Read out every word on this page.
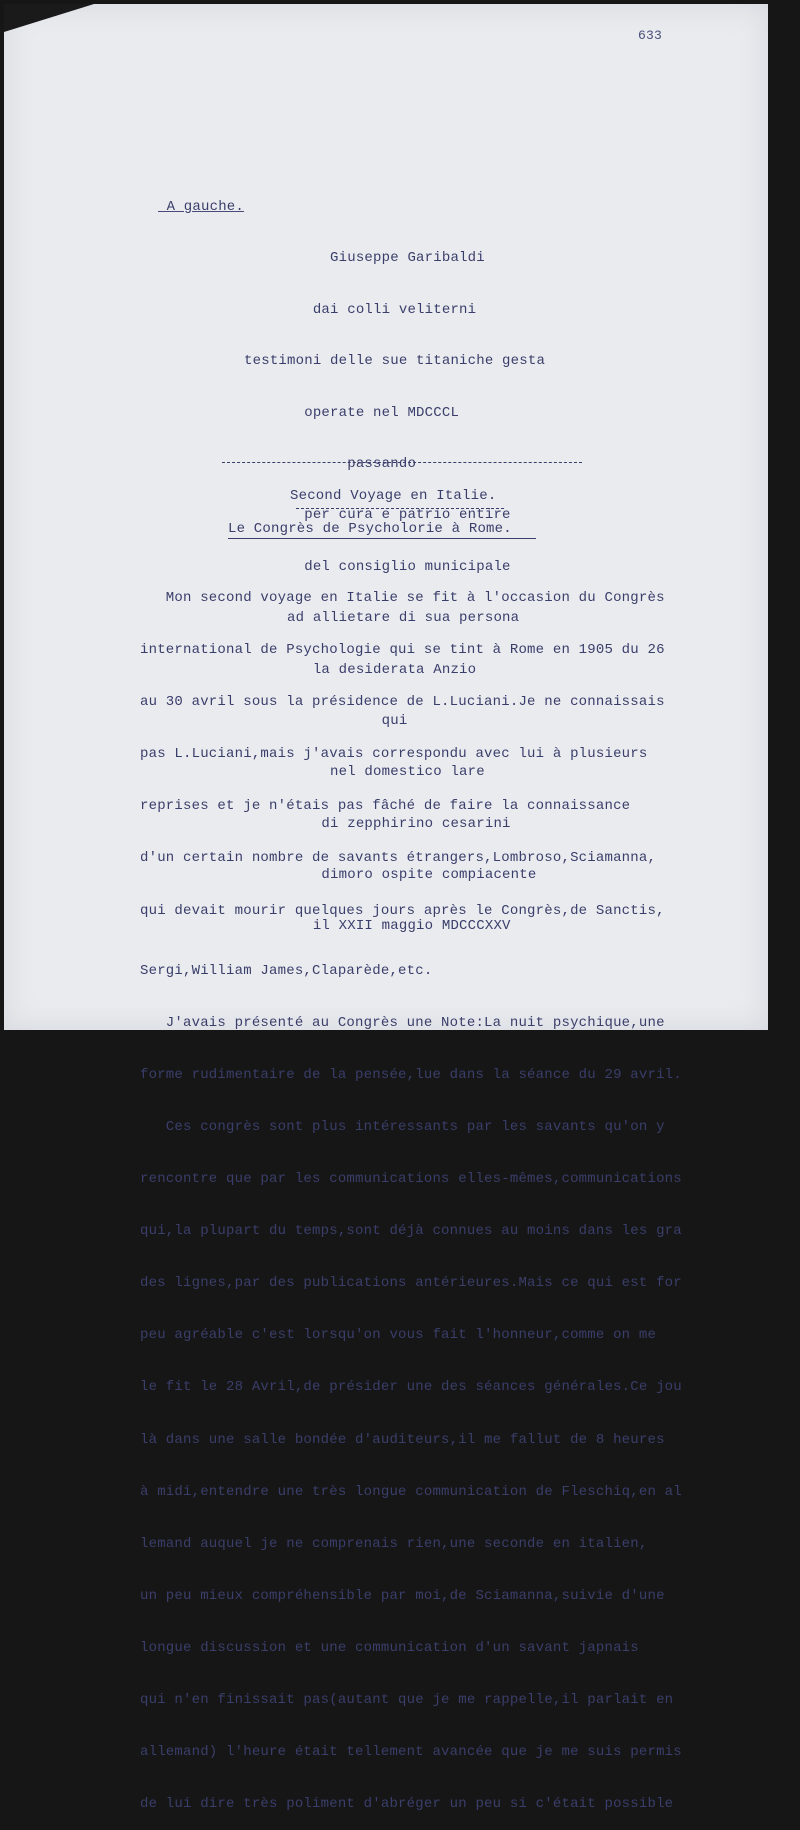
633

A gauche.

Giuseppe Garibaldi

dai colli veliterni

testimoni delle sue titaniche gesta

operate nel MDCCCL

passando

per cura e patrio entire

del consiglio municipale

ad allietare di sua persona

la desiderata Anzio

qui

nel domestico lare

di zepphirino cesarini

dimoro ospite compiacente

il XXII maggio MDCCCXXV

Second Voyage en Italie.
Le Congrès de Psycholorie à Rome.

Mon second voyage en Italie se fit à l'occasion du Congrès

international de Psychologie qui se tint à Rome en 1905 du 26

au 30 avril sous la présidence de L.Luciani.Je ne connaissais

pas L.Luciani,mais j'avais correspondu avec lui à plusieurs

reprises et je n'étais pas fâché de faire la connaissance

d'un certain nombre de savants étrangers,Lombroso,Sciamanna,

qui devait mourir quelques jours après le Congrès,de Sanctis,

Sergi,William James,Claparède,etc.

J'avais présenté au Congrès une Note:La nuit psychique,une

forme rudimentaire de la pensée,lue dans la séance du 29 avril.

Ces congrès sont plus intéressants par les savants qu'on y

rencontre que par les communications elles-mêmes,communications

qui,la plupart du temps,sont déjà connues au moins dans les gra

des lignes,par des publications antérieures.Mais ce qui est for

peu agréable c'est lorsqu'on vous fait l'honneur,comme on me

le fit le 28 Avril,de présider une des séances générales.Ce jou

là dans une salle bondée d'auditeurs,il me fallut de 8 heures

à midi,entendre une très longue communication de Fleschiq,en al

lemand auquel je ne comprenais rien,une seconde en italien,

un peu mieux compréhensible par moi,de Sciamanna,suivie d'une

longue discussion et une communication d'un savant japnais

qui n'en finissait pas(autant que je me rappelle,il parlait en

allemand) l'heure était tellement avancée que je me suis permis

de lui dire très poliment d'abréger un peu si c'était possible
